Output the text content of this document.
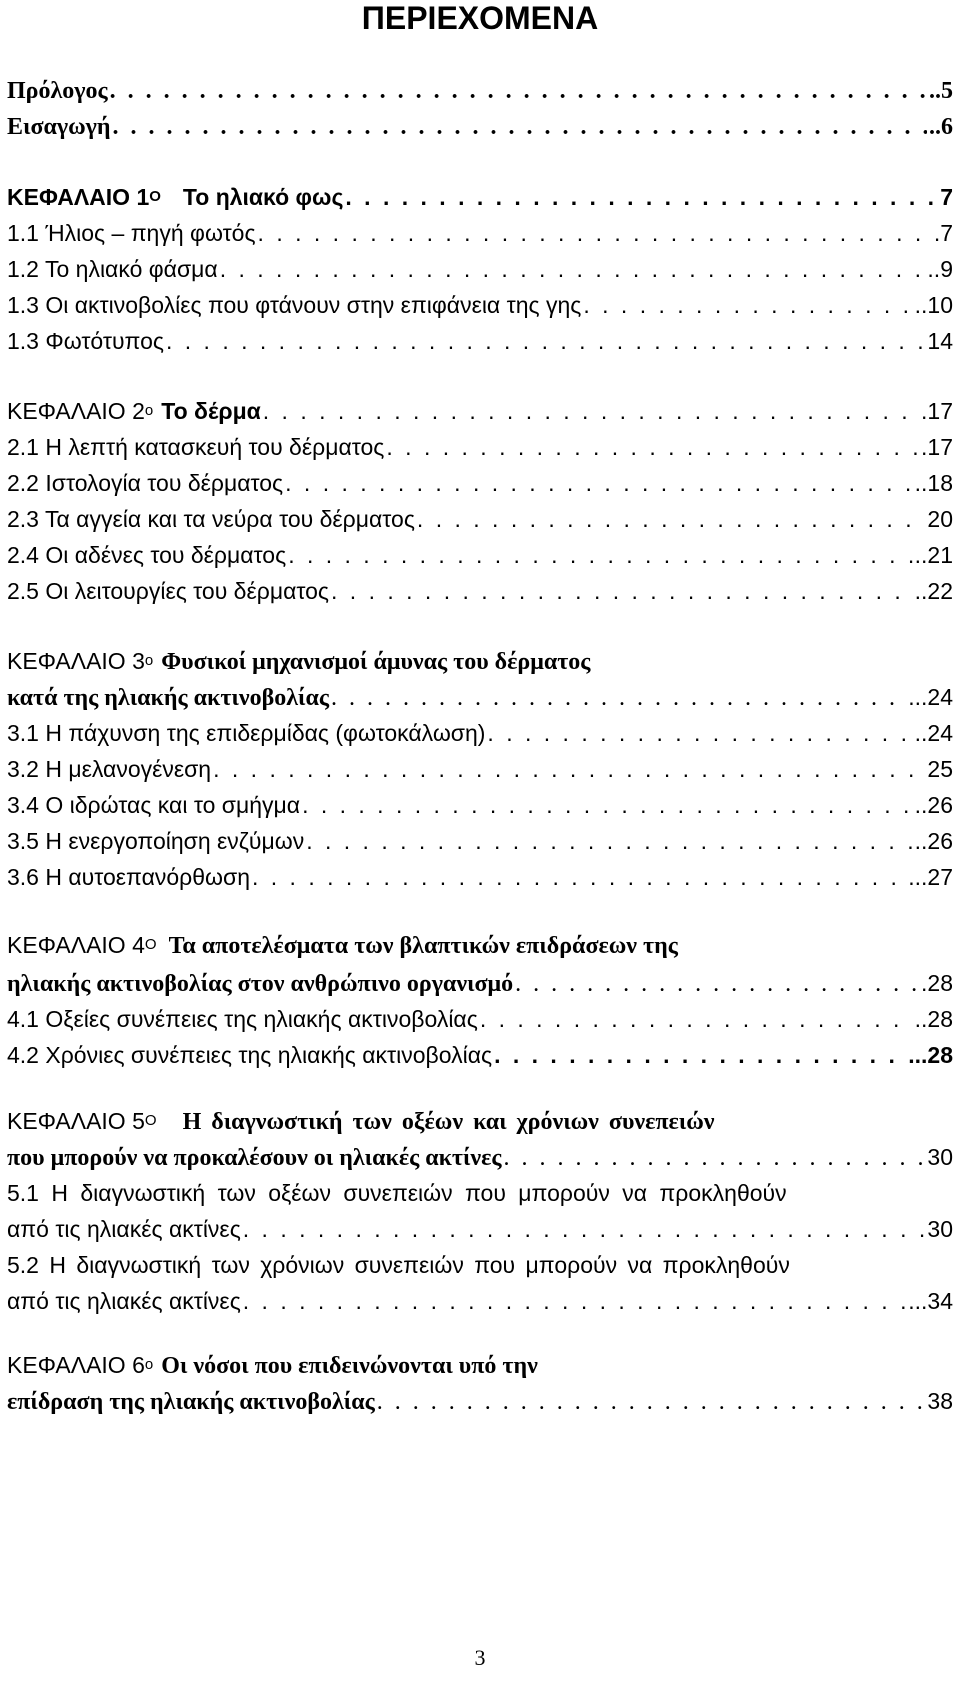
ΠΕΡΙΕΧΟΜΕΝΑ
Πρόλογος . . .	..5
Εισαγωγή . . .	..6
ΚΕΦΑΛΑΙΟ $1^O$ Το ηλιακό φως . . .	7
1.1 Ήλιος – πηγή φωτός . . .	.7
1.2 Το ηλιακό φάσμα . . .	..9
1.3 Οι ακτινοβολίες που φτάνουν στην επιφάνεια της γης . . .	..10
1.3 Φωτότυπος . . .	14
ΚΕΦΑΛΑΙΟ $2^o$ Το δέρμα . . .	.17
2.1 Η λεπτή κατασκευή του δέρματος . . .	.17
2.2 Ιστολογία του δέρματος . . .	..18
2.3 Τα αγγεία και τα νεύρα του δέρματος . . .	20
2.4 Οι αδένες του δέρματος . . .	..21
2.5 Οι λειτουργίες του δέρματος . . .	..22
ΚΕΦΑΛΑΙΟ $3^o$ Φυσικοί μηχανισμοί άμυνας του δέρματος
κατά της ηλιακής ακτινοβολίας . . .	...24
3.1 Η πάχυνση της επιδερμίδας (φωτοκάλωση) . . .	..24
3.2 Η μελανογένεση . . .	25
3.4 Ο ιδρώτας και το σμήγμα . . .	..26
3.5 Η ενεργοποίηση ενζύμων . . .	..26
3.6 Η αυτοεπανόρθωση . . .	...27
ΚΕΦΑΛΑΙΟ $4^O$ Τα αποτελέσματα των βλαπτικών επιδράσεων της
ηλιακής ακτινοβολίας στον ανθρώπινο οργανισμό . . .	.28
4.1 Οξείες συνέπειες της ηλιακής ακτινοβολίας . . .	..28
4.2 Χρόνιες συνέπειες της ηλιακής ακτινοβολίας . . .	...28
ΚΕΦΑΛΑΙΟ $5^O$ Η διαγνωστική των οξέων και χρόνιων συνεπειών
που μπορούν να προκαλέσουν οι ηλιακές ακτίνες . . .	30
5.1 Η διαγνωστική των οξέων συνεπειών που μπορούν να προκληθούν
από τις ηλιακές ακτίνες . . .	30
5.2 Η διαγνωστική των χρόνιων συνεπειών που μπορούν να προκληθούν
από τις ηλιακές ακτίνες . . .	...34
ΚΕΦΑΛΑΙΟ $6^o$ Οι νόσοι που επιδεινώνονται υπό την
επίδραση της ηλιακής ακτινοβολίας . . .	38
3
